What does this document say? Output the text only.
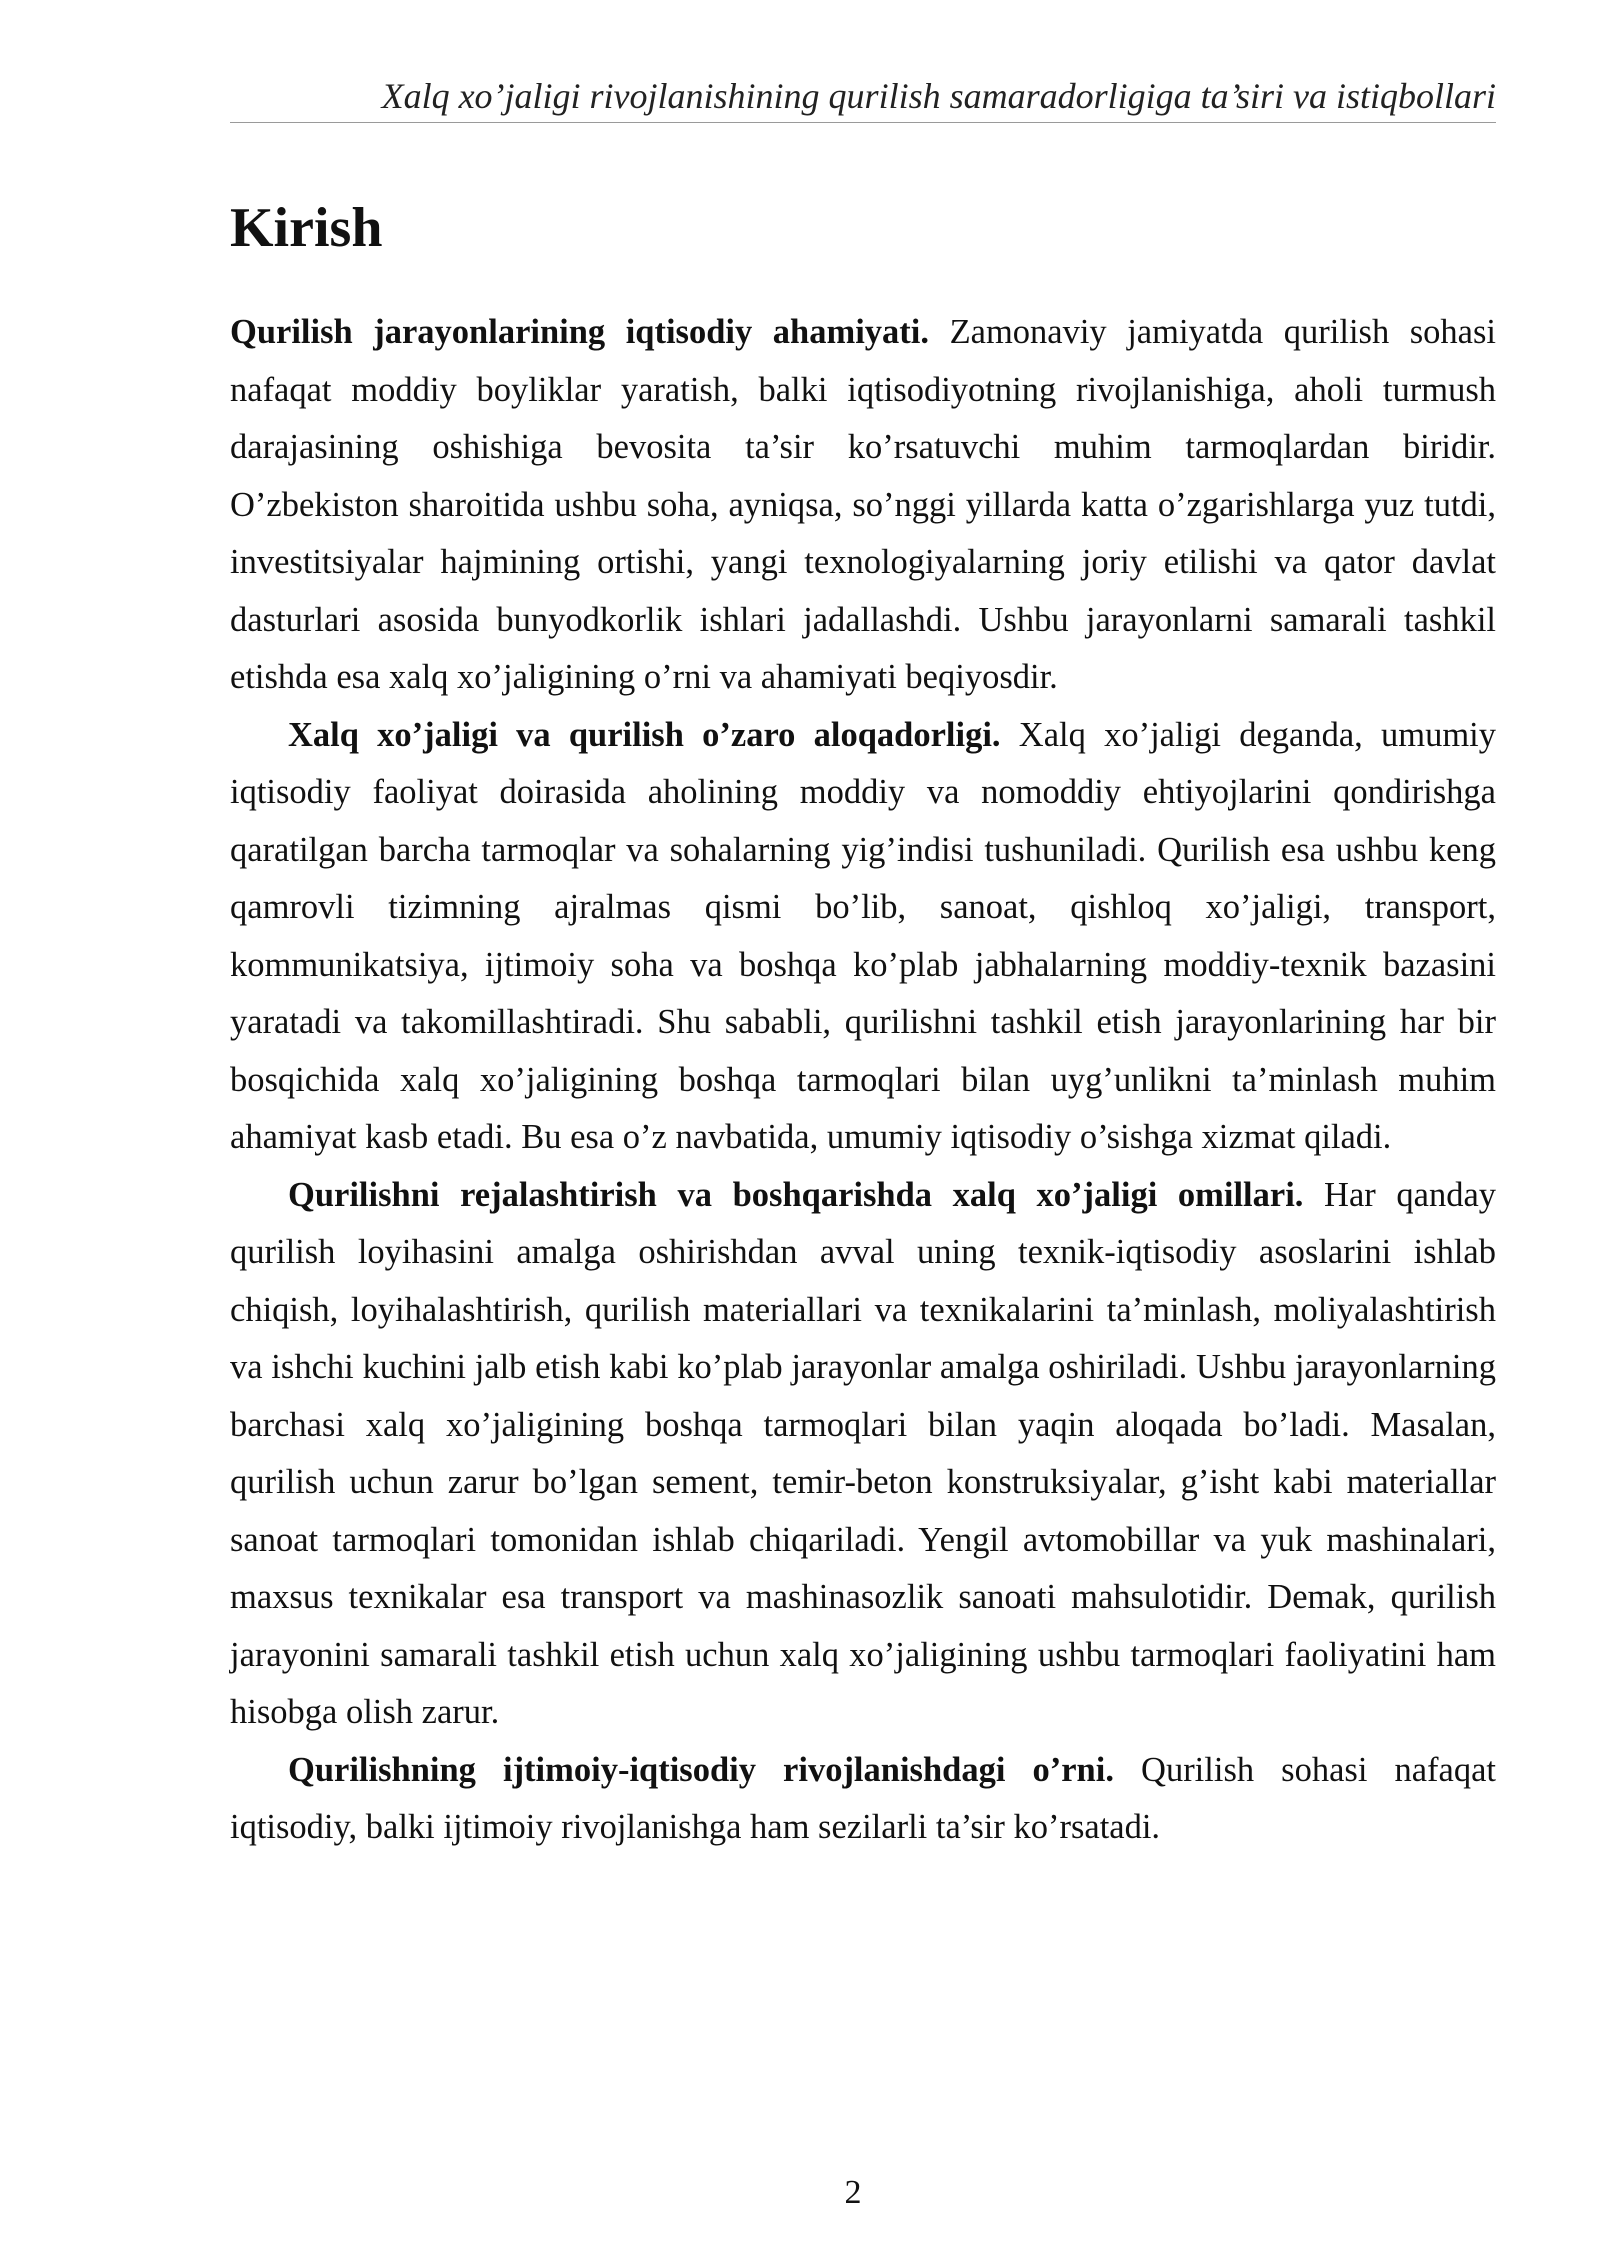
Xalq xo’jaligi rivojlanishining qurilish samaradorligiga ta’siri va istiqbollari
Kirish

Qurilish jarayonlarining iqtisodiy ahamiyati. Zamonaviy jamiyatda qurilish sohasi nafaqat moddiy boyliklar yaratish, balki iqtisodiyotning rivojlanishiga, aholi turmush darajasining oshishiga bevosita ta’sir ko’rsatuvchi muhim tarmoqlardan biridir. O’zbekiston sharoitida ushbu soha, ayniqsa, so’nggi yillarda katta o’zgarishlarga yuz tutdi, investitsiyalar hajmining ortishi, yangi texnologiyalarning joriy etilishi va qator davlat dasturlari asosida bunyodkorlik ishlari jadallashdi. Ushbu jarayonlarni samarali tashkil etishda esa xalq xo’jaligining o’rni va ahamiyati beqiyosdir.

Xalq xo’jaligi va qurilish o’zaro aloqadorligi. Xalq xo’jaligi deganda, umumiy iqtisodiy faoliyat doirasida aholining moddiy va nomoddiy ehtiyojlarini qondirishga qaratilgan barcha tarmoqlar va sohalarning yig’indisi tushuniladi. Qurilish esa ushbu keng qamrovli tizimning ajralmas qismi bo’lib, sanoat, qishloq xo’jaligi, transport, kommunikatsiya, ijtimoiy soha va boshqa ko’plab jabhalarning moddiy-texnik bazasini yaratadi va takomillashtiradi. Shu sababli, qurilishni tashkil etish jarayonlarining har bir bosqichida xalq xo’jaligining boshqa tarmoqlari bilan uyg’unlikni ta’minlash muhim ahamiyat kasb etadi. Bu esa o’z navbatida, umumiy iqtisodiy o’sishga xizmat qiladi.

Qurilishni rejalashtirish va boshqarishda xalq xo’jaligi omillari. Har qanday qurilish loyihasini amalga oshirishdan avval uning texnik-iqtisodiy asoslarini ishlab chiqish, loyihalashtirish, qurilish materiallari va texnikalarini ta’minlash, moliyalashtirish va ishchi kuchini jalb etish kabi ko’plab jarayonlar amalga oshiriladi. Ushbu jarayonlarning barchasi xalq xo’jaligining boshqa tarmoqlari bilan yaqin aloqada bo’ladi. Masalan, qurilish uchun zarur bo’lgan sement, temir-beton konstruksiyalar, g’isht kabi materiallar sanoat tarmoqlari tomonidan ishlab chiqariladi. Yengil avtomobillar va yuk mashinalari, maxsus texnikalar esa transport va mashinasozlik sanoati mahsulotidir. Demak, qurilish jarayonini samarali tashkil etish uchun xalq xo’jaligining ushbu tarmoqlari faoliyatini ham hisobga olish zarur.

Qurilishning ijtimoiy-iqtisodiy rivojlanishdagi o’rni. Qurilish sohasi nafaqat iqtisodiy, balki ijtimoiy rivojlanishga ham sezilarli ta’sir ko’rsatadi.

2
